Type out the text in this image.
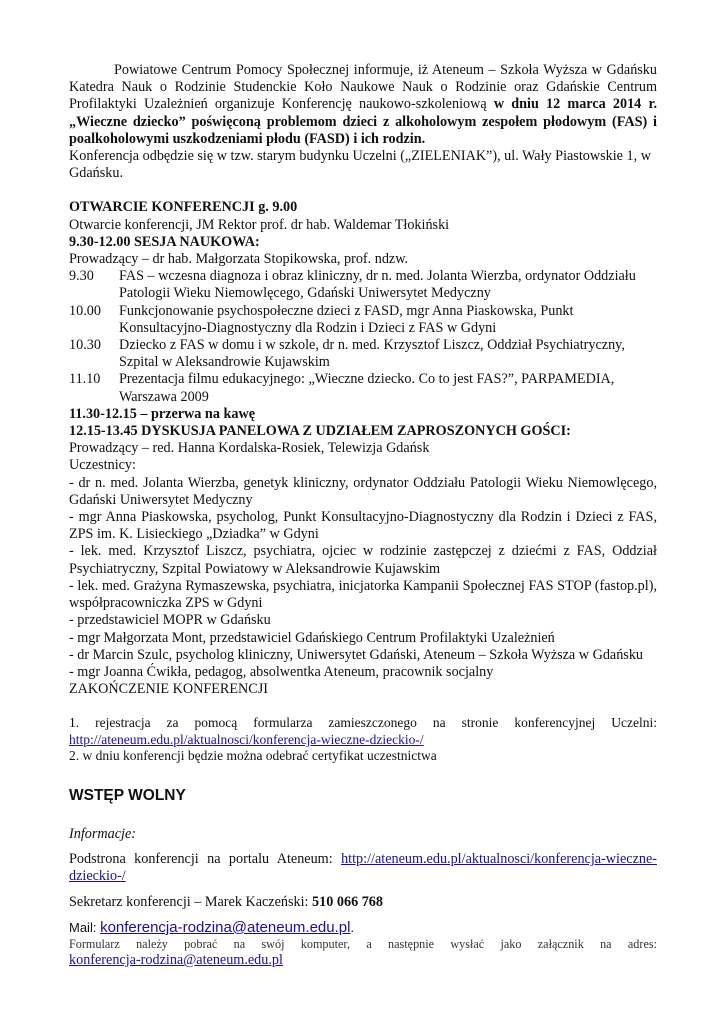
Powiatowe Centrum Pomocy Społecznej informuje, iż Ateneum – Szkoła Wyższa w Gdańsku Katedra Nauk o Rodzinie Studenckie Koło Naukowe Nauk o Rodzinie oraz Gdańskie Centrum Profilaktyki Uzależnień organizuje Konferencję naukowo-szkoleniową w dniu 12 marca 2014 r. „Wieczne dziecko” poświęconą problemom dzieci z alkoholowym zespołem płodowym (FAS) i poalkoholowymi uszkodzeniami płodu (FASD) i ich rodzin.

Konferencja odbędzie się w tzw. starym budynku Uczelni („ZIELENIAK”), ul. Wały Piastowskie 1, w Gdańsku.

OTWARCIE KONFERENCJI g. 9.00

Otwarcie konferencji, JM Rektor prof. dr hab. Waldemar Tłokiński

9.30-12.00 SESJA NAUKOWA:

Prowadzący – dr hab. Małgorzata Stopikowska, prof. ndzw.

9.30	FAS – wczesna diagnoza i obraz kliniczny, dr n. med. Jolanta Wierzba, ordynator Oddziału Patologii Wieku Niemowlęcego, Gdański Uniwersytet Medyczny
10.00	Funkcjonowanie psychospołeczne dzieci z FASD, mgr Anna Piaskowska, Punkt Konsultacyjno-Diagnostyczny dla Rodzin i Dzieci z FAS w Gdyni
10.30	Dziecko z FAS w domu i w szkole, dr n. med. Krzysztof Liszcz, Oddział Psychiatryczny, Szpital w Aleksandrowie Kujawskim
11.10	Prezentacja filmu edukacyjnego: „Wieczne dziecko. Co to jest FAS?”, PARPAMEDIA, Warszawa 2009

11.30-12.15 – przerwa na kawę

12.15-13.45 DYSKUSJA PANELOWA Z UDZIAŁEM ZAPROSZONYCH GOŚCI:

Prowadzący – red. Hanna Kordalska-Rosiek, Telewizja Gdańsk

Uczestnicy:

- dr n. med. Jolanta Wierzba, genetyk kliniczny, ordynator Oddziału Patologii Wieku Niemowlęcego, Gdański Uniwersytet Medyczny

- mgr Anna Piaskowska, psycholog, Punkt Konsultacyjno-Diagnostyczny dla Rodzin i Dzieci z FAS, ZPS im. K. Lisieckiego „Dziadka” w Gdyni

- lek. med. Krzysztof Liszcz, psychiatra, ojciec w rodzinie zastępczej z dziećmi z FAS, Oddział Psychiatryczny, Szpital Powiatowy w Aleksandrowie Kujawskim

- lek. med. Grażyna Rymaszewska, psychiatra, inicjatorka Kampanii Społecznej FAS STOP (fastop.pl), współpracowniczka ZPS w Gdyni

- przedstawiciel MOPR w Gdańsku

- mgr Małgorzata Mont, przedstawiciel Gdańskiego Centrum Profilaktyki Uzależnień

- dr Marcin Szulc, psycholog kliniczny, Uniwersytet Gdański, Ateneum – Szkoła Wyższa w Gdańsku

- mgr Joanna Ćwikła, pedagog, absolwentka Ateneum, pracownik socjalny

ZAKOŃCZENIE KONFERENCJI

1. rejestracja za pomocą formularza zamieszczonego na stronie konferencyjnej Uczelni:

http://ateneum.edu.pl/aktualnosci/konferencja-wieczne-dzieckio-/

2. w dniu konferencji będzie można odebrać certyfikat uczestnictwa

WSTĘP WOLNY

Informacje:

Podstrona konferencji na portalu Ateneum: http://ateneum.edu.pl/aktualnosci/konferencja-wieczne-dzieckio-/

Sekretarz konferencji – Marek Kaczeński: 510 066 768

Mail: konferencja-rodzina@ateneum.edu.pl.

Formularz należy pobrać na swój komputer, a następnie wysłać jako załącznik na adres:

konferencja-rodzina@ateneum.edu.pl
